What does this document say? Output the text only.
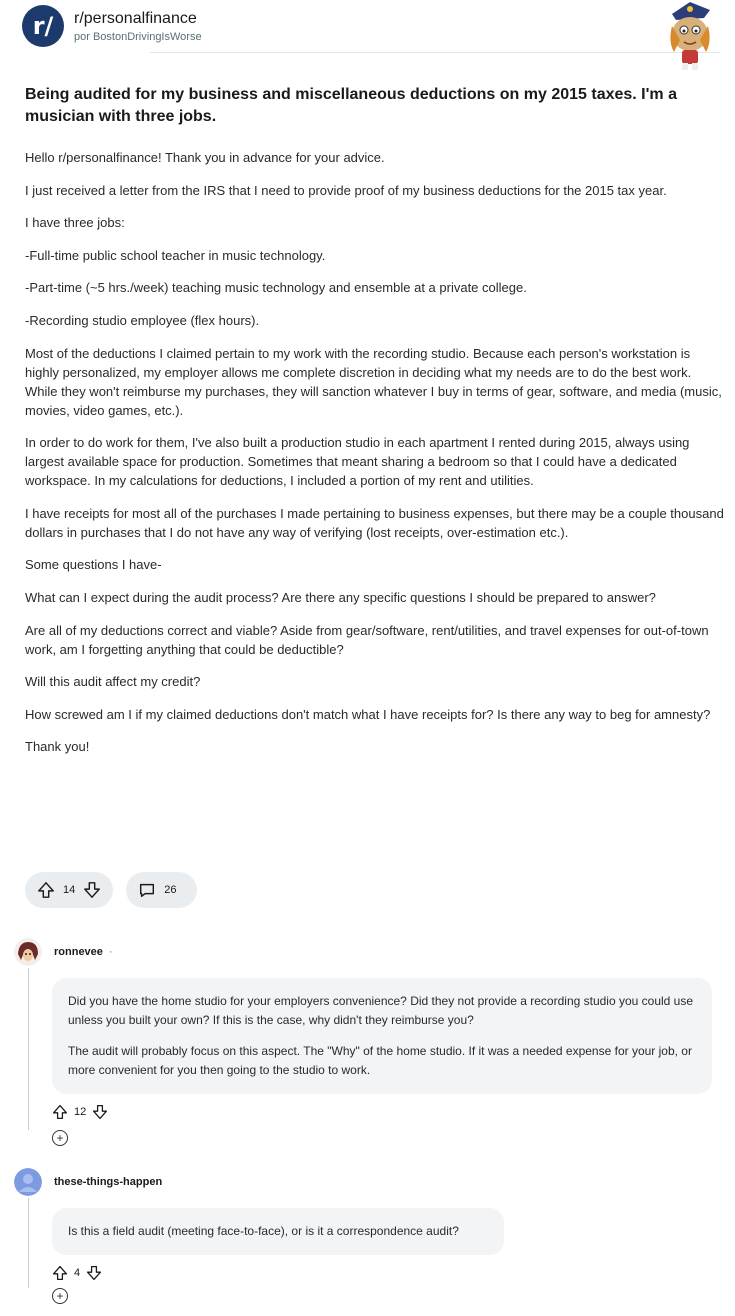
r/	r/personalfinance
por BostonDrivingIsWorse
Being audited for my business and miscellaneous deductions on my 2015 taxes. I'm a musician with three jobs.

Hello r/personalfinance! Thank you in advance for your advice.

I just received a letter from the IRS that I need to provide proof of my business deductions for the 2015 tax year.

I have three jobs:

-Full-time public school teacher in music technology.

-Part-time (~5 hrs./week) teaching music technology and ensemble at a private college.

-Recording studio employee (flex hours).

Most of the deductions I claimed pertain to my work with the recording studio. Because each person's workstation is highly personalized, my employer allows me complete discretion in deciding what my needs are to do the best work. While they won't reimburse my purchases, they will sanction whatever I buy in terms of gear, software, and media (music, movies, video games, etc.).

In order to do work for them, I've also built a production studio in each apartment I rented during 2015, always using largest available space for production. Sometimes that meant sharing a bedroom so that I could have a dedicated workspace. In my calculations for deductions, I included a portion of my rent and utilities.

I have receipts for most all of the purchases I made pertaining to business expenses, but there may be a couple thousand dollars in purchases that I do not have any way of verifying (lost receipts, over-estimation etc.).

Some questions I have-

What can I expect during the audit process? Are there any specific questions I should be prepared to answer?

Are all of my deductions correct and viable? Aside from gear/software, rent/utilities, and travel expenses for out-of-town work, am I forgetting anything that could be deductible?

Will this audit affect my credit?

How screwed am I if my claimed deductions don't match what I have receipts for? Is there any way to beg for amnesty?

Thank you!

14	26
ronnevee ·

Did you have the home studio for your employers convenience? Did they not provide a recording studio you could use unless you built your own? If this is the case, why didn't they reimburse you?

The audit will probably focus on this aspect. The "Why" of the home studio. If it was a needed expense for your job, or more convenient for you then going to the studio to work.

12
+
these-things-happen

Is this a field audit (meeting face-to-face), or is it a correspondence audit?

4
+
